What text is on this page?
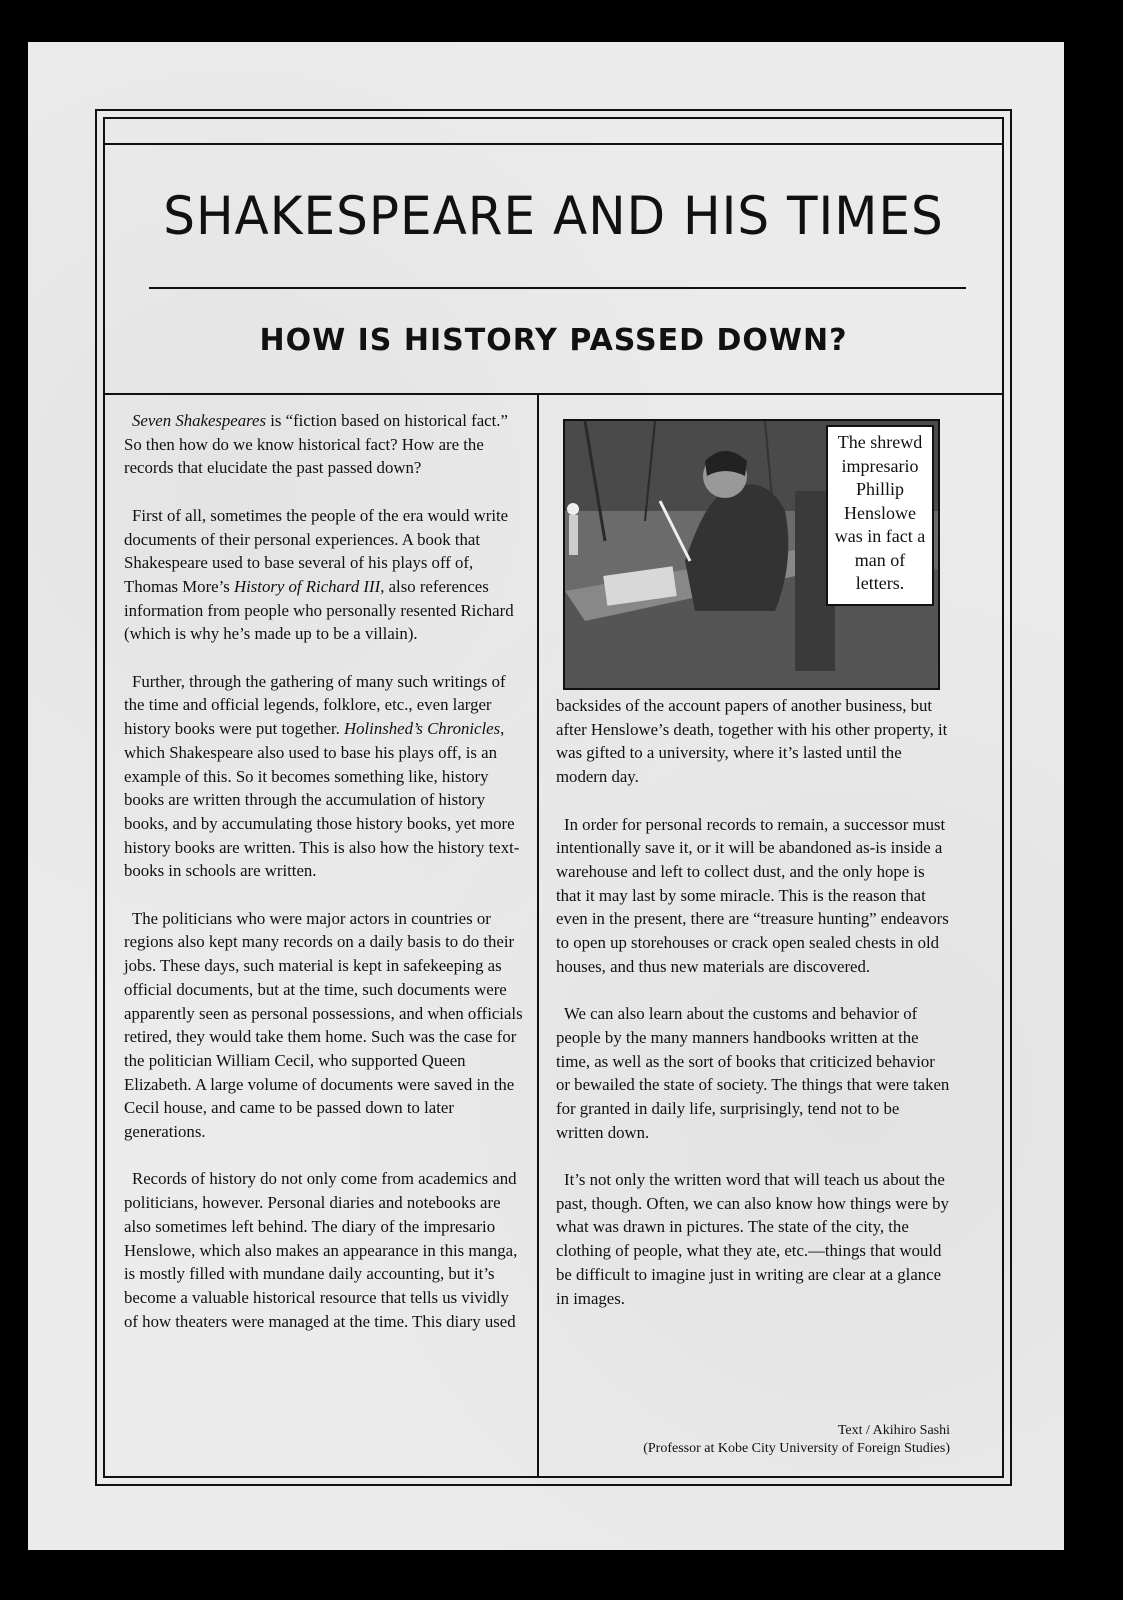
SHAKESPEARE AND HIS TIMES
HOW IS HISTORY PASSED DOWN?

Seven Shakespeares is “fiction based on historical fact.” So then how do we know historical fact? How are the records that elucidate the past passed down?

First of all, sometimes the people of the era would write documents of their personal experiences. A book that Shakespeare used to base several of his plays off of, Thomas More’s History of Richard III, also references information from people who personally resented Richard (which is why he’s made up to be a villain).

Further, through the gathering of many such writings of the time and official legends, folklore, etc., even larger history books were put together. Holinshed’s Chronicles, which Shakespeare also used to base his plays off, is an example of this. So it becomes something like, history books are written through the accumulation of history books, and by accumulating those history books, yet more history books are written. This is also how the history text-books in schools are written.

The politicians who were major actors in countries or regions also kept many records on a daily basis to do their jobs. These days, such material is kept in safekeeping as official documents, but at the time, such documents were apparently seen as personal possessions, and when officials retired, they would take them home. Such was the case for the politician William Cecil, who supported Queen Elizabeth. A large volume of documents were saved in the Cecil house, and came to be passed down to later generations.

Records of history do not only come from academics and politicians, however. Personal diaries and notebooks are also sometimes left behind. The diary of the impresario Henslowe, which also makes an appearance in this manga, is mostly filled with mundane daily accounting, but it’s become a valuable historical resource that tells us vividly of how theaters were managed at the time. This diary used

The shrewd impresario Phillip Henslowe was in fact a man of letters.

backsides of the account papers of another business, but after Henslowe’s death, together with his other property, it was gifted to a university, where it’s lasted until the modern day.

In order for personal records to remain, a successor must intentionally save it, or it will be abandoned as-is inside a warehouse and left to collect dust, and the only hope is that it may last by some miracle. This is the reason that even in the present, there are “treasure hunting” endeavors to open up storehouses or crack open sealed chests in old houses, and thus new materials are discovered.

We can also learn about the customs and behavior of people by the many manners handbooks written at the time, as well as the sort of books that criticized behavior or bewailed the state of society. The things that were taken for granted in daily life, surprisingly, tend not to be written down.

It’s not only the written word that will teach us about the past, though. Often, we can also know how things were by what was drawn in pictures. The state of the city, the clothing of people, what they ate, etc.—things that would be difficult to imagine just in writing are clear at a glance in images.

Text / Akihiro Sashi
(Professor at Kobe City University of Foreign Studies)
